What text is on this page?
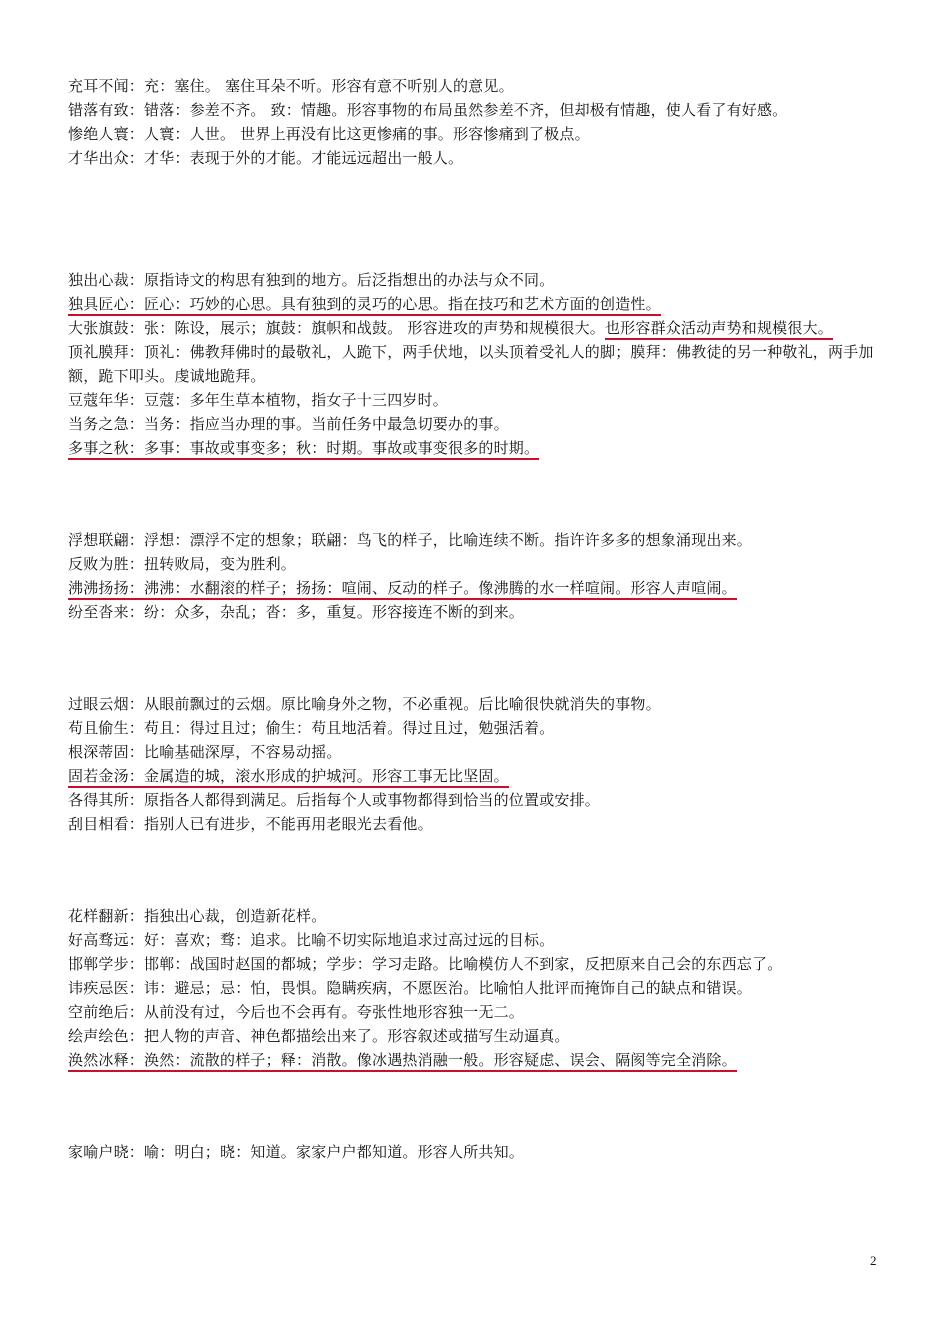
充耳不闻：充：塞住。 塞住耳朵不听。形容有意不听别人的意见。
错落有致：错落：参差不齐。 致：情趣。形容事物的布局虽然参差不齐，但却极有情趣，使人看了有好感。
惨绝人寰：人寰：人世。 世界上再没有比这更惨痛的事。形容惨痛到了极点。
才华出众：才华：表现于外的才能。才能远远超出一般人。
独出心裁：原指诗文的构思有独到的地方。后泛指想出的办法与众不同。
独具匠心：匠心：巧妙的心思。具有独到的灵巧的心思。指在技巧和艺术方面的创造性。
大张旗鼓：张：陈设，展示；旗鼓：旗帜和战鼓。 形容进攻的声势和规模很大。也形容群众活动声势和规模很大。
顶礼膜拜：顶礼：佛教拜佛时的最敬礼，人跪下，两手伏地，以头顶着受礼人的脚；膜拜：佛教徒的另一种敬礼，两手加额，跪下叩头。虔诚地跪拜。
豆蔻年华：豆蔻：多年生草本植物，指女子十三四岁时。
当务之急：当务：指应当办理的事。当前任务中最急切要办的事。
多事之秋：多事：事故或事变多；秋：时期。事故或事变很多的时期。
浮想联翩：浮想：漂浮不定的想象；联翩：鸟飞的样子，比喻连续不断。指许许多多的想象涌现出来。
反败为胜：扭转败局，变为胜利。
沸沸扬扬：沸沸：水翻滚的样子；扬扬：喧闹、反动的样子。像沸腾的水一样喧闹。形容人声喧闹。
纷至沓来：纷：众多，杂乱；沓：多，重复。形容接连不断的到来。
过眼云烟：从眼前飘过的云烟。原比喻身外之物，不必重视。后比喻很快就消失的事物。
苟且偷生：苟且：得过且过；偷生：苟且地活着。得过且过，勉强活着。
根深蒂固：比喻基础深厚，不容易动摇。
固若金汤：金属造的城，滚水形成的护城河。形容工事无比坚固。
各得其所：原指各人都得到满足。后指每个人或事物都得到恰当的位置或安排。
刮目相看：指别人已有进步，不能再用老眼光去看他。
花样翻新：指独出心裁，创造新花样。
好高骛远：好：喜欢；骛：追求。比喻不切实际地追求过高过远的目标。
邯郸学步：邯郸：战国时赵国的都城；学步：学习走路。比喻模仿人不到家，反把原来自己会的东西忘了。
讳疾忌医：讳：避忌；忌：怕，畏惧。隐瞒疾病，不愿医治。比喻怕人批评而掩饰自己的缺点和错误。
空前绝后：从前没有过，今后也不会再有。夸张性地形容独一无二。
绘声绘色：把人物的声音、神色都描绘出来了。形容叙述或描写生动逼真。
涣然冰释：涣然：流散的样子；释：消散。像冰遇热消融一般。形容疑虑、误会、隔阂等完全消除。
家喻户晓：喻：明白；晓：知道。家家户户都知道。形容人所共知。
2
